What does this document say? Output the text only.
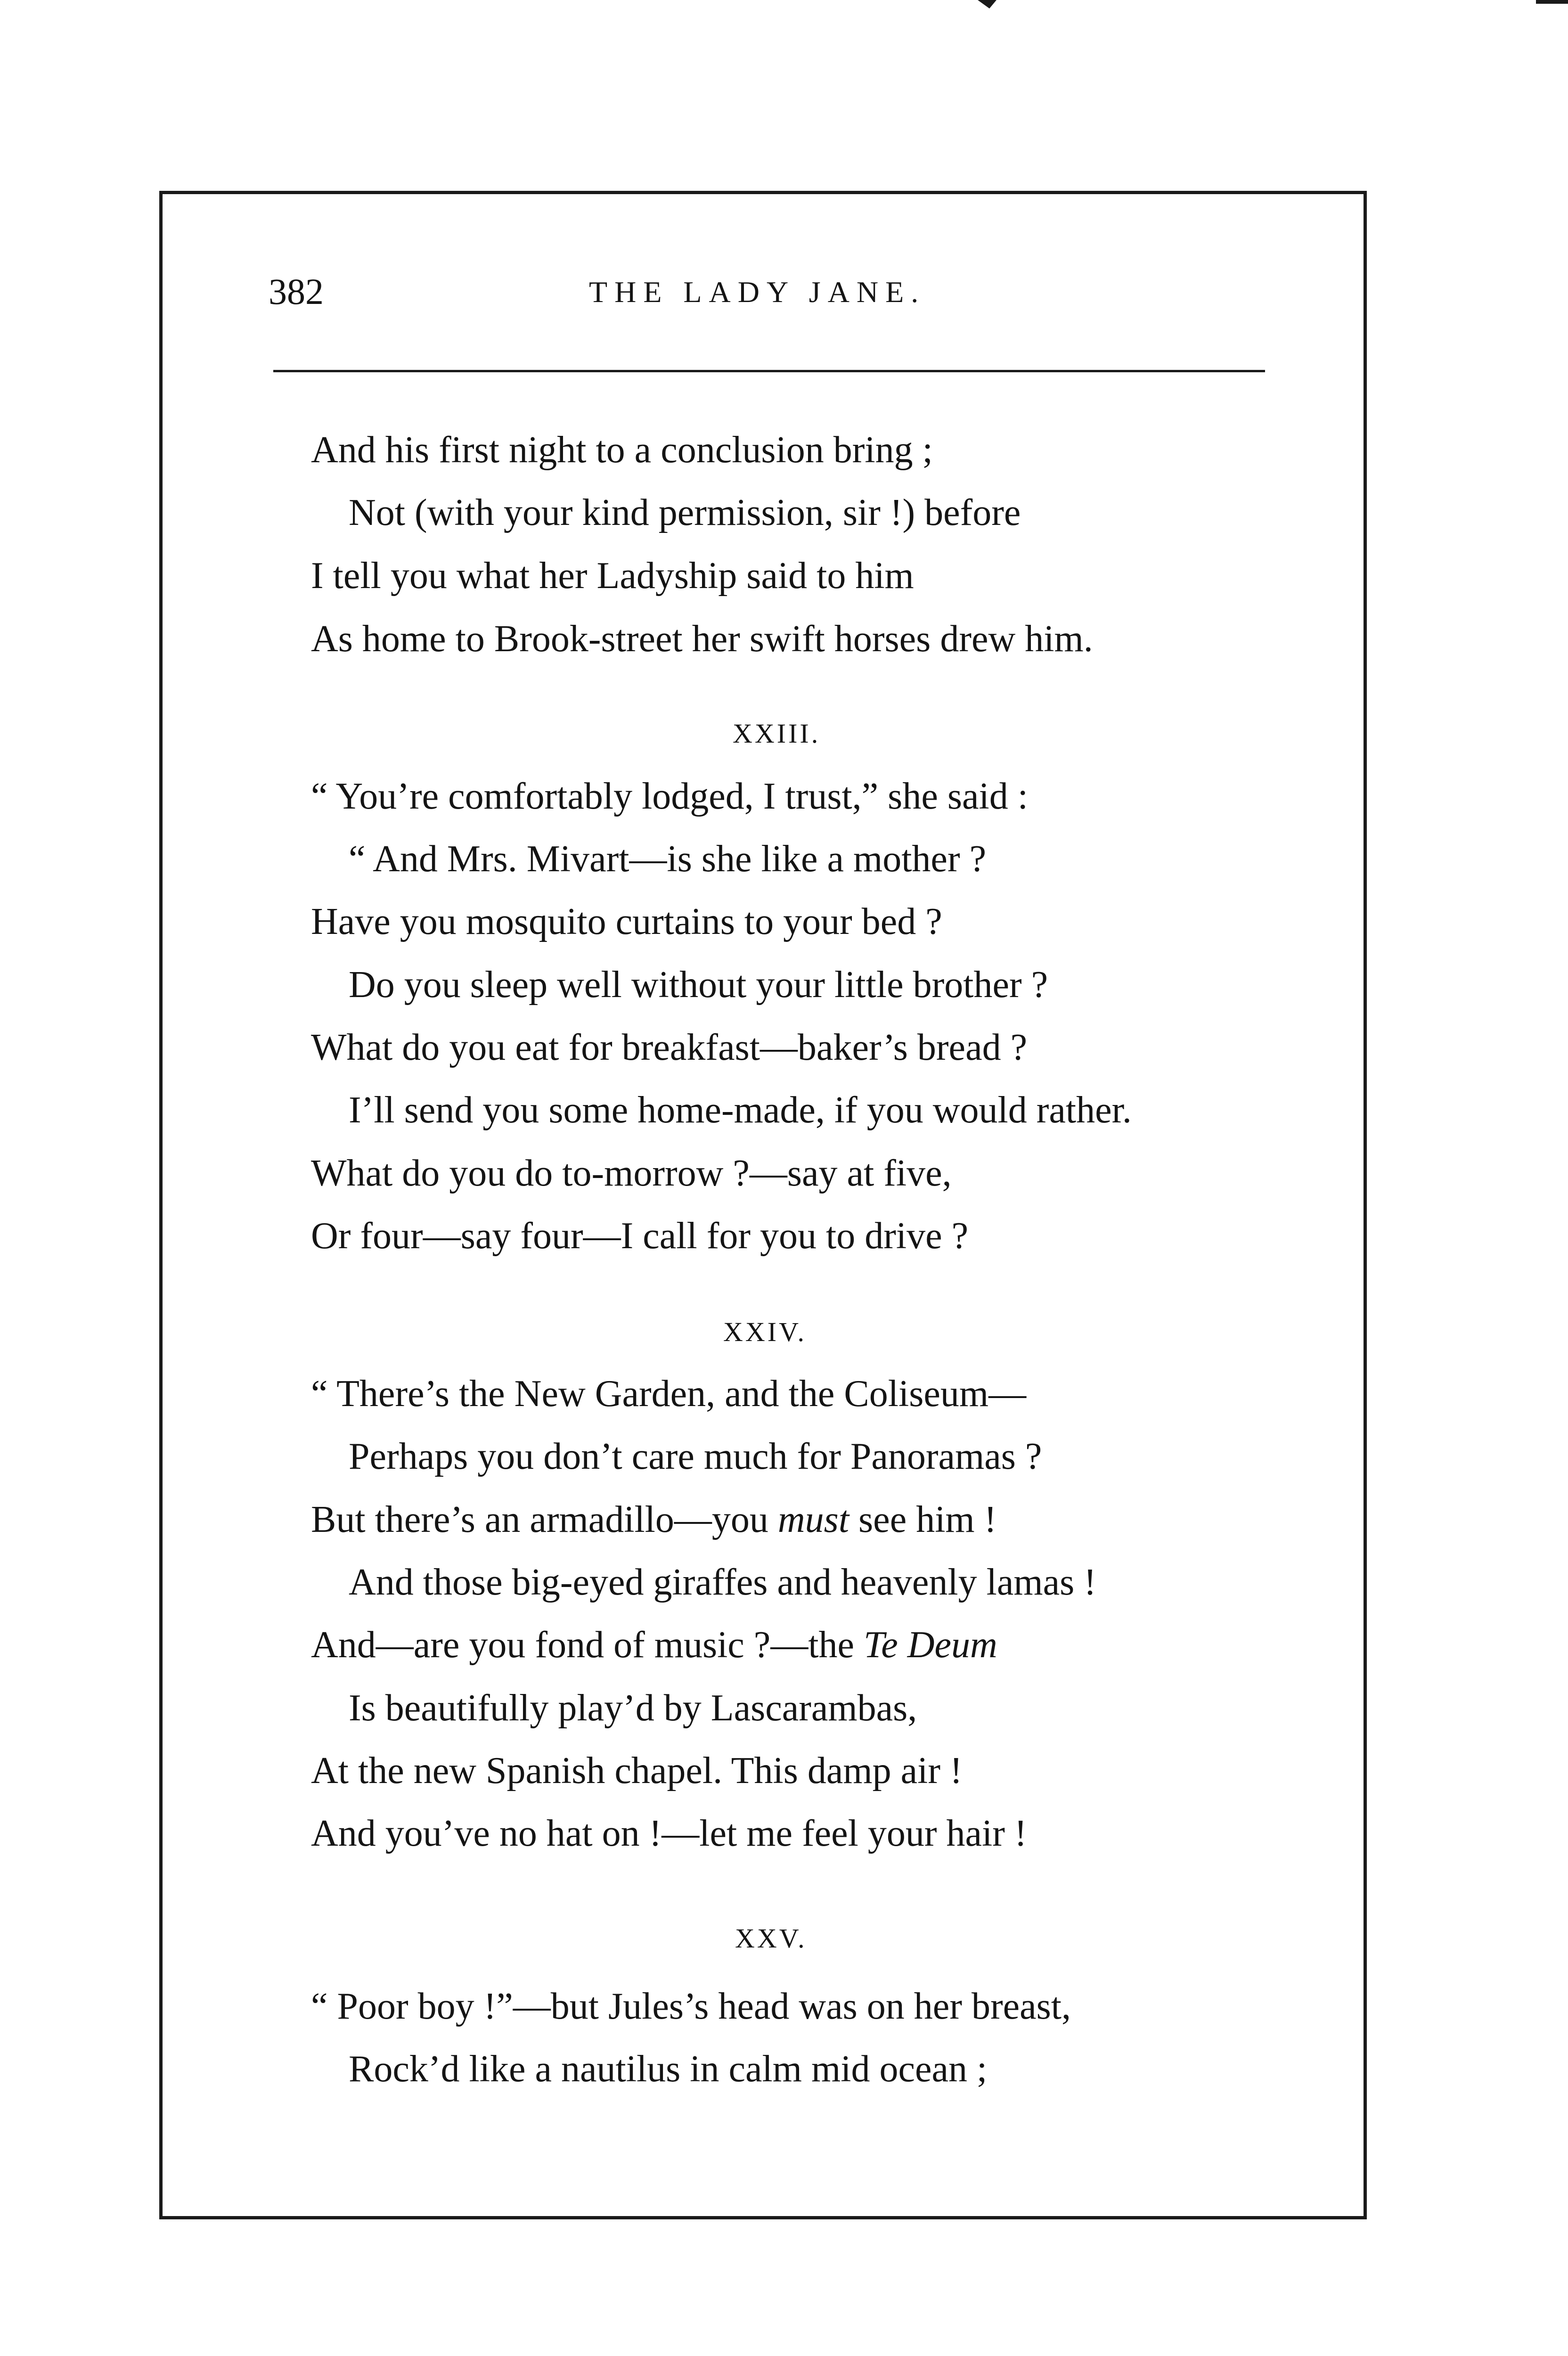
382	THE LADY JANE.
And his first night to a conclusion bring ;
Not (with your kind permission, sir !) before
I tell you what her Ladyship said to him
As home to Brook-street her swift horses drew him.
XXIII.
“ You’re comfortably lodged, I trust,” she said :
“ And Mrs. Mivart—is she like a mother ?
Have you mosquito curtains to your bed ?
Do you sleep well without your little brother ?
What do you eat for breakfast—baker’s bread ?
I’ll send you some home-made, if you would rather.
What do you do to-morrow ?—say at five,
Or four—say four—I call for you to drive ?
XXIV.
“ There’s the New Garden, and the Coliseum—
Perhaps you don’t care much for Panoramas ?
But there’s an armadillo—you must see him !
And those big-eyed giraffes and heavenly lamas !
And—are you fond of music ?—the Te Deum
Is beautifully play’d by Lascarambas,
At the new Spanish chapel. This damp air !
And you’ve no hat on !—let me feel your hair !
XXV.
“ Poor boy !”—but Jules’s head was on her breast,
Rock’d like a nautilus in calm mid ocean ;
